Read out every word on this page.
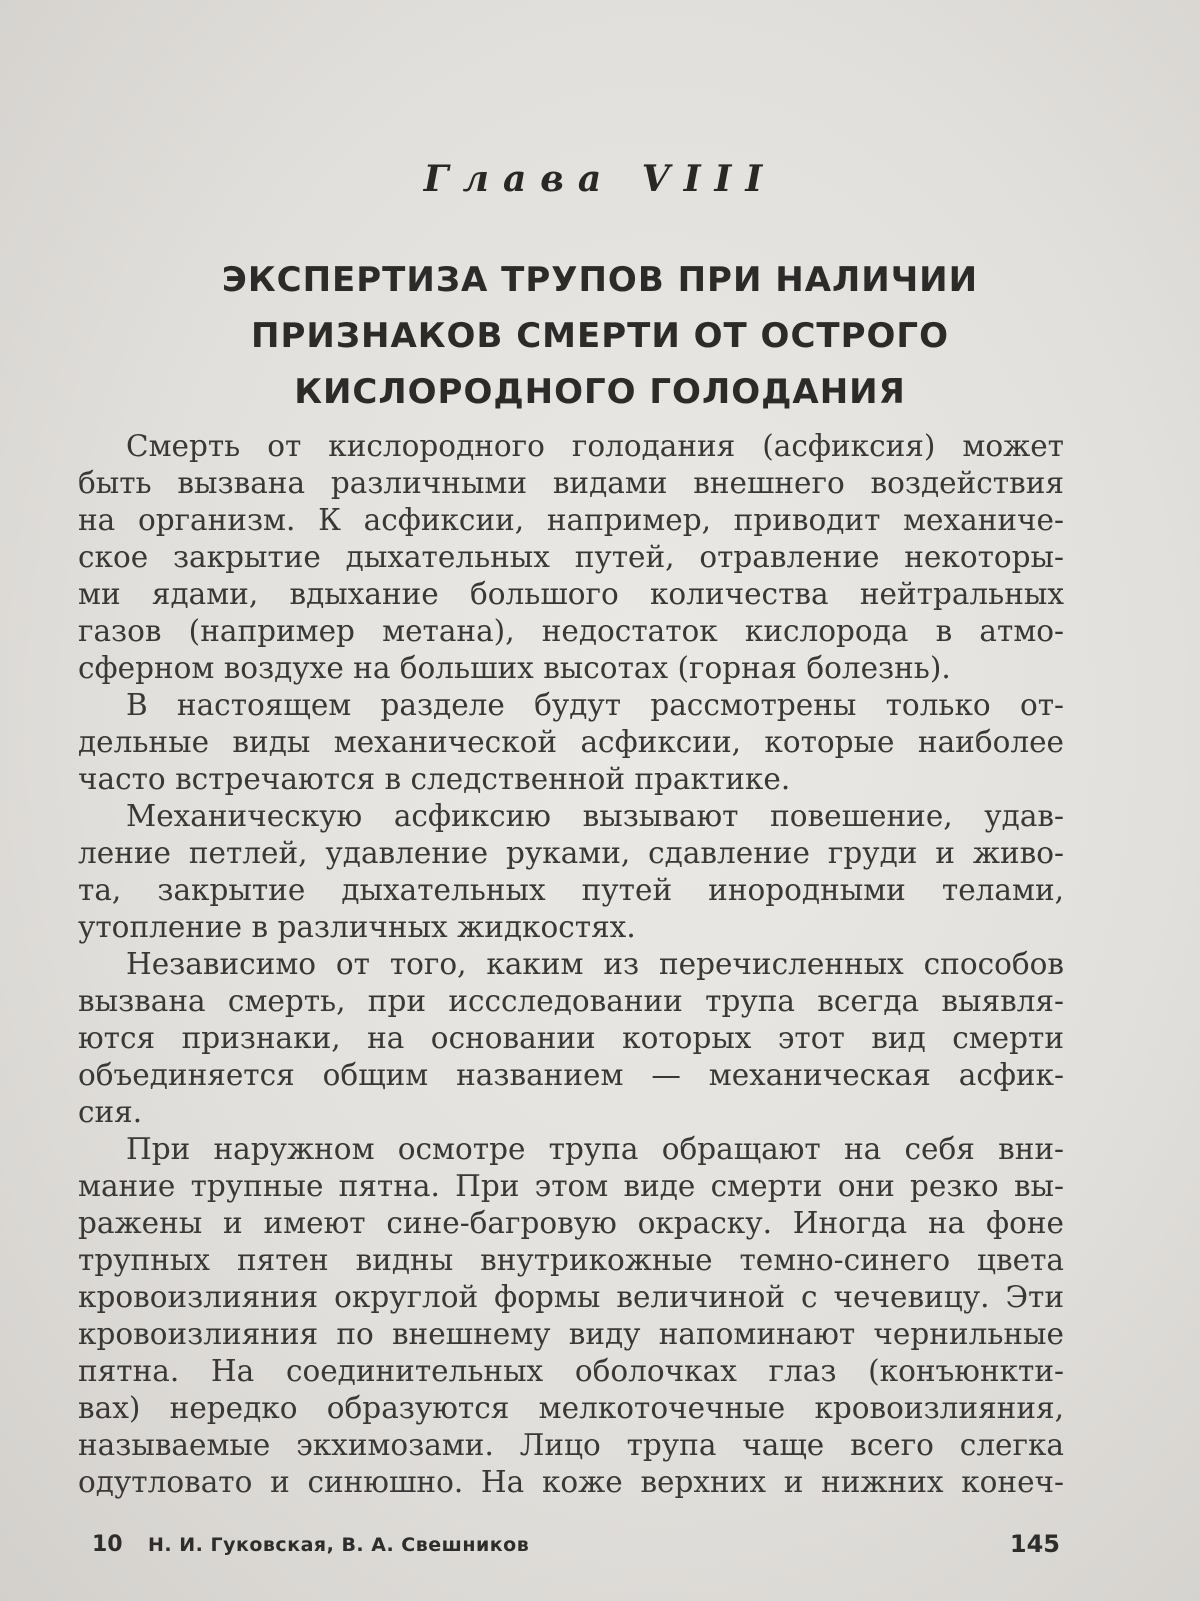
Глава VIII
ЭКСПЕРТИЗА ТРУПОВ ПРИ НАЛИЧИИ
ПРИЗНАКОВ СМЕРТИ ОТ ОСТРОГО
КИСЛОРОДНОГО ГОЛОДАНИЯ
Смерть от кислородного голодания (асфиксия) может
быть вызвана различными видами внешнего воздействия
на организм. К асфиксии, например, приводит механиче-
ское закрытие дыхательных путей, отравление некоторы-
ми ядами, вдыхание большого количества нейтральных
газов (например метана), недостаток кислорода в атмо-
сферном воздухе на больших высотах (горная болезнь).
В настоящем разделе будут рассмотрены только от-
дельные виды механической асфиксии, которые наиболее
часто встречаются в следственной практике.
Механическую асфиксию вызывают повешение, удав-
ление петлей, удавление руками, сдавление груди и живо-
та, закрытие дыхательных путей инородными телами,
утопление в различных жидкостях.
Независимо от того, каким из перечисленных способов
вызвана смерть, при иссследовании трупа всегда выявля-
ются признаки, на основании которых этот вид смерти
объединяется общим названием — механическая асфик-
сия.
При наружном осмотре трупа обращают на себя вни-
мание трупные пятна. При этом виде смерти они резко вы-
ражены и имеют сине-багровую окраску. Иногда на фоне
трупных пятен видны внутрикожные темно-синего цвета
кровоизлияния округлой формы величиной с чечевицу. Эти
кровоизлияния по внешнему виду напоминают чернильные
пятна. На соединительных оболочках глаз (конъюнкти-
вах) нередко образуются мелкоточечные кровоизлияния,
называемые экхимозами. Лицо трупа чаще всего слегка
одутловато и синюшно. На коже верхних и нижних конеч-
10 Н. И. Гуковская, В. А. Свешников	145
